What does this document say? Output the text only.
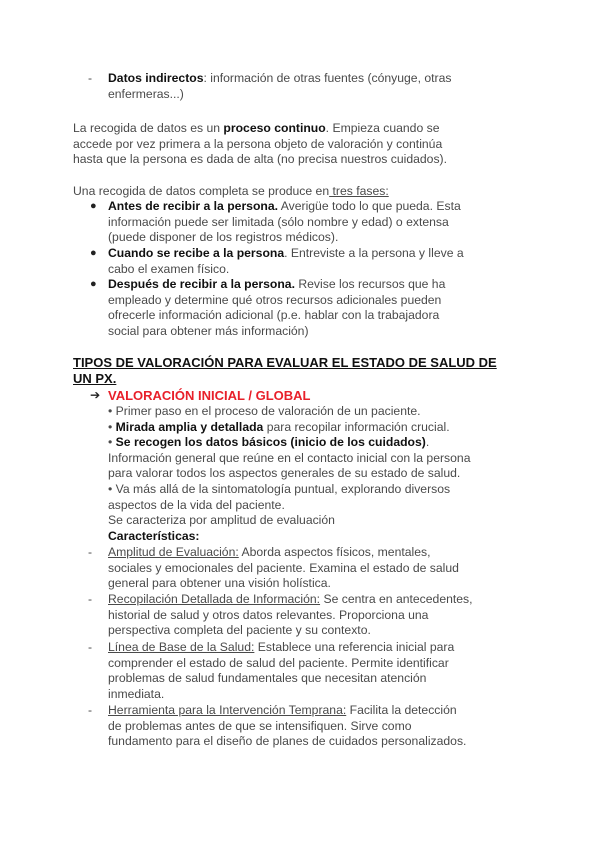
-	Datos indirectos: información de otras fuentes (cónyuge, otras

enfermeras...)

La recogida de datos es un proceso continuo. Empieza cuando se

accede por vez primera a la persona objeto de valoración y continúa

hasta que la persona es dada de alta (no precisa nuestros cuidados).

Una recogida de datos completa se produce en tres fases:

● Antes de recibir a la persona. Averigüe todo lo que pueda. Esta

información puede ser limitada (sólo nombre y edad) o extensa

(puede disponer de los registros médicos).

● Cuando se recibe a la persona. Entreviste a la persona y lleve a

cabo el examen físico.

● Después de recibir a la persona. Revise los recursos que ha

empleado y determine qué otros recursos adicionales pueden

ofrecerle información adicional (p.e. hablar con la trabajadora

social para obtener más información)

TIPOS DE VALORACIÓN PARA EVALUAR EL ESTADO DE SALUD DE

UN PX.

➔ VALORACIÓN INICIAL / GLOBAL

• Primer paso en el proceso de valoración de un paciente.

• Mirada amplia y detallada para recopilar información crucial.

• Se recogen los datos básicos (inicio de los cuidados).

Información general que reúne en el contacto inicial con la persona

para valorar todos los aspectos generales de su estado de salud.

• Va más allá de la sintomatología puntual, explorando diversos

aspectos de la vida del paciente.

Se caracteriza por amplitud de evaluación

Características:

-	Amplitud de Evaluación: Aborda aspectos físicos, mentales,

sociales y emocionales del paciente. Examina el estado de salud

general para obtener una visión holística.

-	Recopilación Detallada de Información: Se centra en antecedentes,

historial de salud y otros datos relevantes. Proporciona una

perspectiva completa del paciente y su contexto.

-	Línea de Base de la Salud: Establece una referencia inicial para

comprender el estado de salud del paciente. Permite identificar

problemas de salud fundamentales que necesitan atención

inmediata.

-	Herramienta para la Intervención Temprana: Facilita la detección

de problemas antes de que se intensifiquen. Sirve como

fundamento para el diseño de planes de cuidados personalizados.
